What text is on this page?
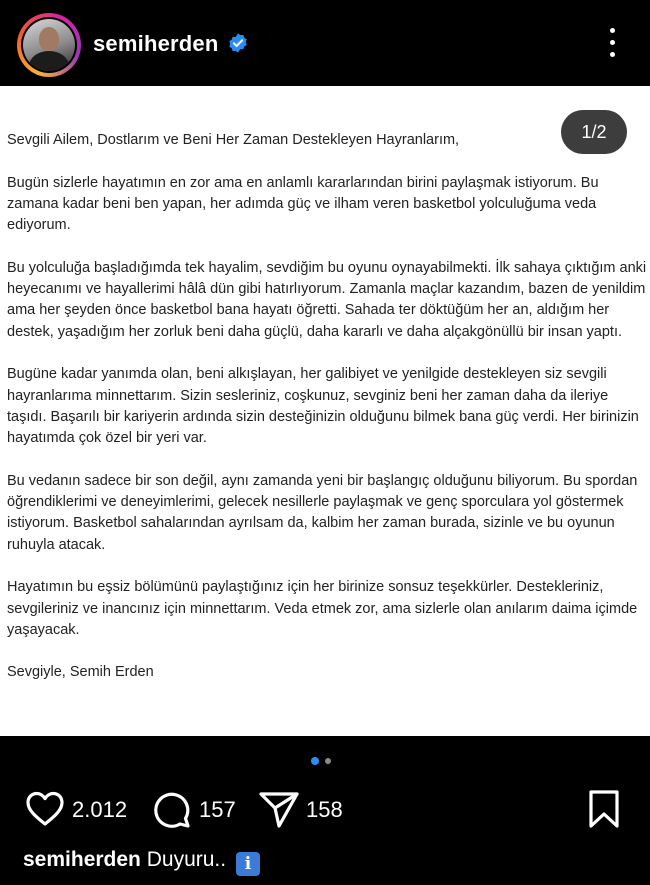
semiherden
1/2

Sevgili Ailem, Dostlarım ve Beni Her Zaman Destekleyen Hayranlarım,

Bugün sizlerle hayatımın en zor ama en anlamlı kararlarından birini paylaşmak istiyorum. Bu zamana kadar beni ben yapan, her adımda güç ve ilham veren basketbol yolculuğuma veda ediyorum.

Bu yolculuğa başladığımda tek hayalim, sevdiğim bu oyunu oynayabilmekti. İlk sahaya çıktığım anki heyecanımı ve hayallerimi hâlâ dün gibi hatırlıyorum. Zamanla maçlar kazandım, bazen de yenildim ama her şeyden önce basketbol bana hayatı öğretti. Sahada ter döktüğüm her an, aldığım her destek, yaşadığım her zorluk beni daha güçlü, daha kararlı ve daha alçakgönüllü bir insan yaptı.

Bugüne kadar yanımda olan, beni alkışlayan, her galibiyet ve yenilgide destekleyen siz sevgili hayranlarıma minnettarım. Sizin sesleriniz, coşkunuz, sevginiz beni her zaman daha da ileriye taşıdı. Başarılı bir kariyerin ardında sizin desteğinizin olduğunu bilmek bana güç verdi. Her birinizin hayatımda çok özel bir yeri var.

Bu vedanın sadece bir son değil, aynı zamanda yeni bir başlangıç olduğunu biliyorum. Bu spordan öğrendiklerimi ve deneyimlerimi, gelecek nesillerle paylaşmak ve genç sporculara yol göstermek istiyorum. Basketbol sahalarından ayrılsam da, kalbim her zaman burada, sizinle ve bu oyunun ruhuyla atacak.

Hayatımın bu eşsiz bölümünü paylaştığınız için her birinize sonsuz teşekkürler. Destekleriniz, sevgileriniz ve inancınız için minnettarım. Veda etmek zor, ama sizlerle olan anılarım daima içimde yaşayacak.

Sevgiyle, Semih Erden

2.012	157	158
semiherden Duyuru.. i
